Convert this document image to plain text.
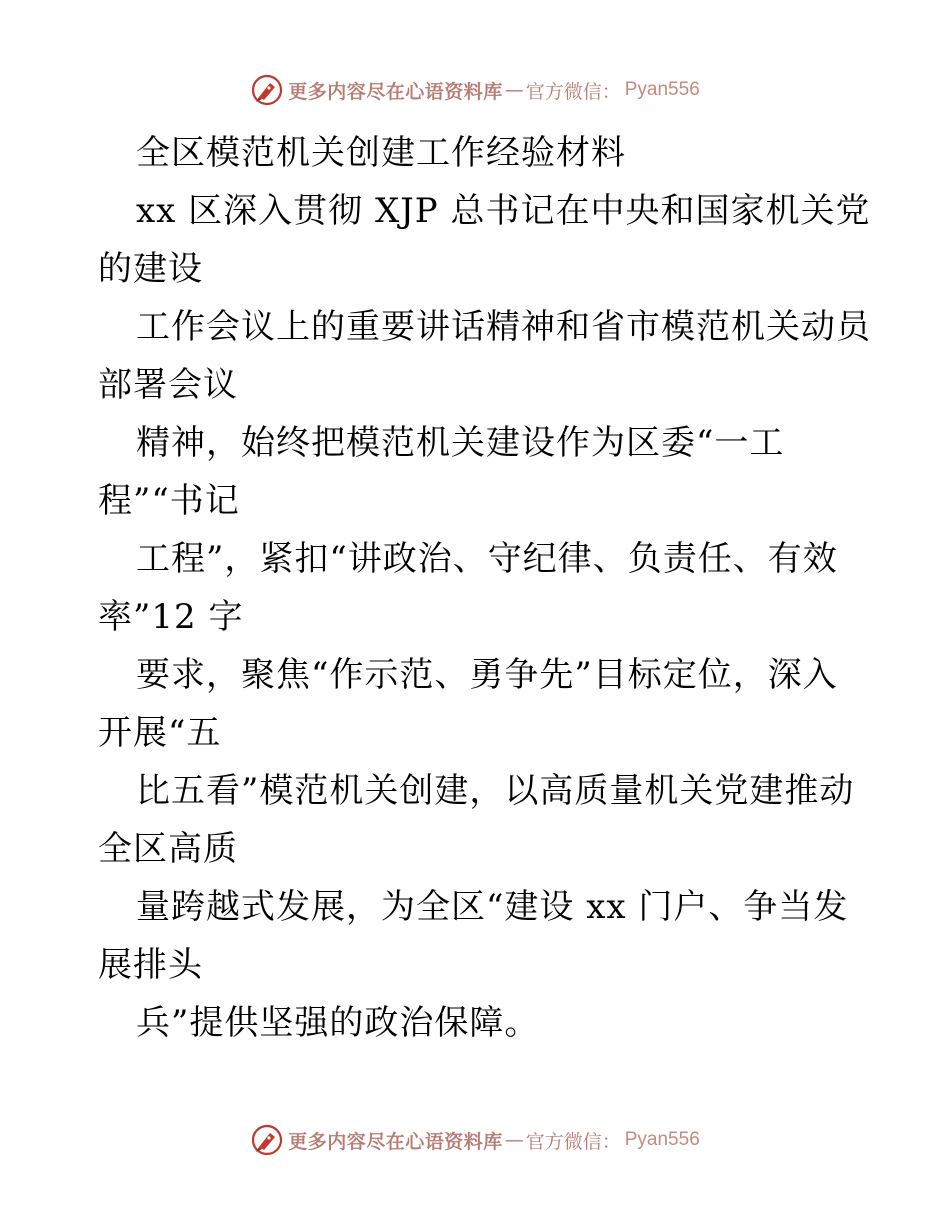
更多内容尽在心语资料库 — 官方微信： Pyan556
全区模范机关创建工作经验材料
xx 区深入贯彻 XJP 总书记在中央和国家机关党
的建设
工作会议上的重要讲话精神和省市模范机关动员
部署会议
精神，始终把模范机关建设作为区委“一工
程”“书记
工程”，紧扣“讲政治、守纪律、负责任、有效
率”12 字
要求，聚焦“作示范、勇争先”目标定位，深入
开展“五
比五看”模范机关创建，以高质量机关党建推动
全区高质
量跨越式发展，为全区“建设 xx 门户、争当发
展排头
兵”提供坚强的政治保障。
更多内容尽在心语资料库 — 官方微信： Pyan556
